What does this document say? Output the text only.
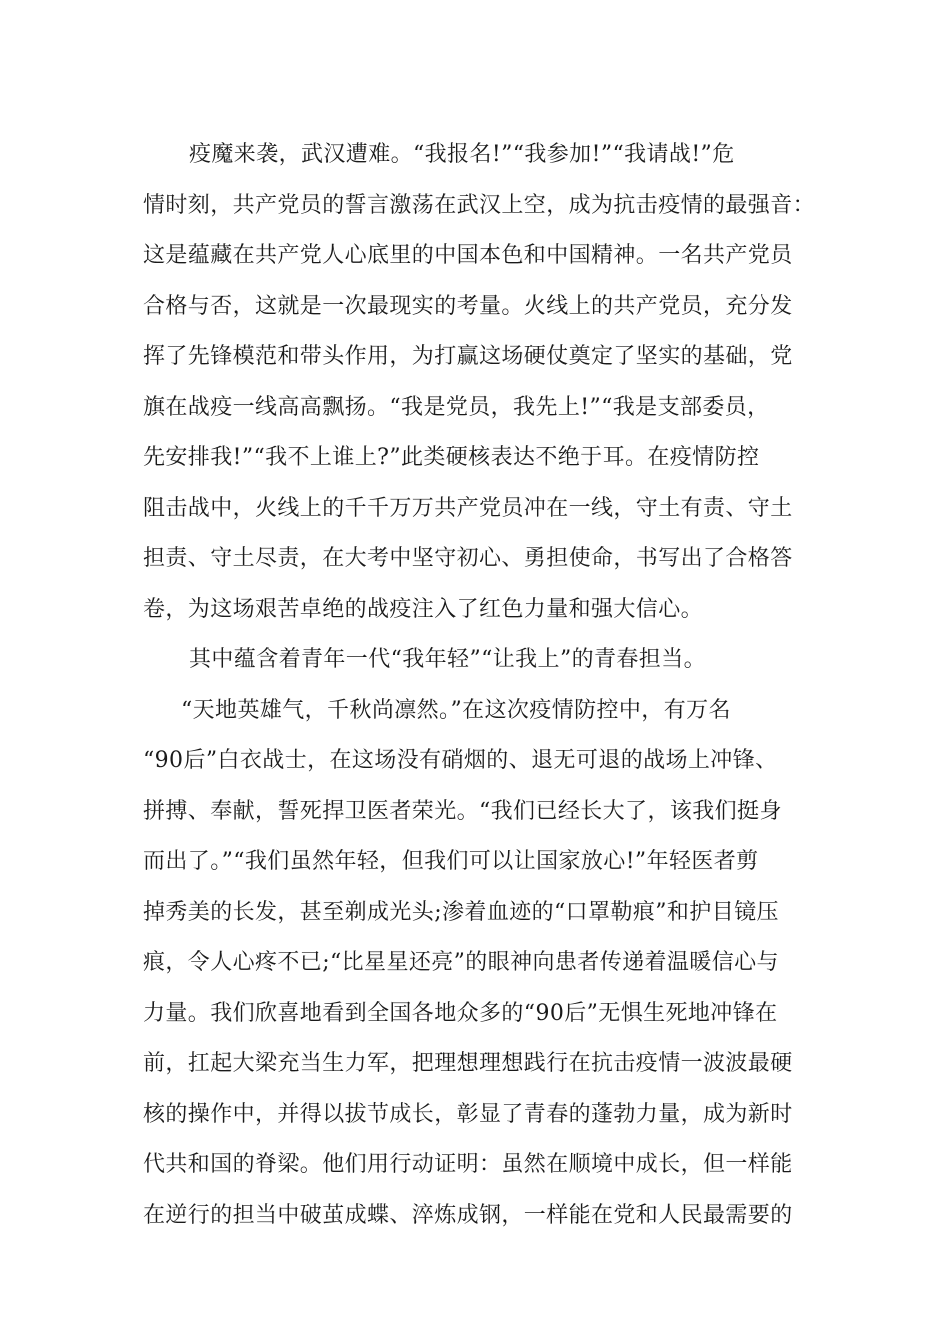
疫魔来袭，武汉遭难。“我报名!”“我参加!”“我请战!”危
情时刻，共产党员的誓言激荡在武汉上空，成为抗击疫情的最强音：
这是蕴藏在共产党人心底里的中国本色和中国精神。一名共产党员
合格与否，这就是一次最现实的考量。火线上的共产党员，充分发
挥了先锋模范和带头作用，为打赢这场硬仗奠定了坚实的基础，党
旗在战疫一线高高飘扬。“我是党员，我先上!”“我是支部委员，
先安排我!”“我不上谁上?”此类硬核表达不绝于耳。在疫情防控
阻击战中，火线上的千千万万共产党员冲在一线，守土有责、守土
担责、守土尽责，在大考中坚守初心、勇担使命，书写出了合格答
卷，为这场艰苦卓绝的战疫注入了红色力量和强大信心。
其中蕴含着青年一代“我年轻”“让我上”的青春担当。
“天地英雄气，千秋尚凛然。”在这次疫情防控中，有万名
“90后”白衣战士，在这场没有硝烟的、退无可退的战场上冲锋、
拼搏、奉献，誓死捍卫医者荣光。“我们已经长大了，该我们挺身
而出了。”“我们虽然年轻，但我们可以让国家放心!”年轻医者剪
掉秀美的长发，甚至剃成光头;渗着血迹的“口罩勒痕”和护目镜压
痕，令人心疼不已;“比星星还亮”的眼神向患者传递着温暖信心与
力量。我们欣喜地看到全国各地众多的“90后”无惧生死地冲锋在
前，扛起大梁充当生力军，把理想理想践行在抗击疫情一波波最硬
核的操作中，并得以拔节成长，彰显了青春的蓬勃力量，成为新时
代共和国的脊梁。他们用行动证明：虽然在顺境中成长，但一样能
在逆行的担当中破茧成蝶、淬炼成钢，一样能在党和人民最需要的
